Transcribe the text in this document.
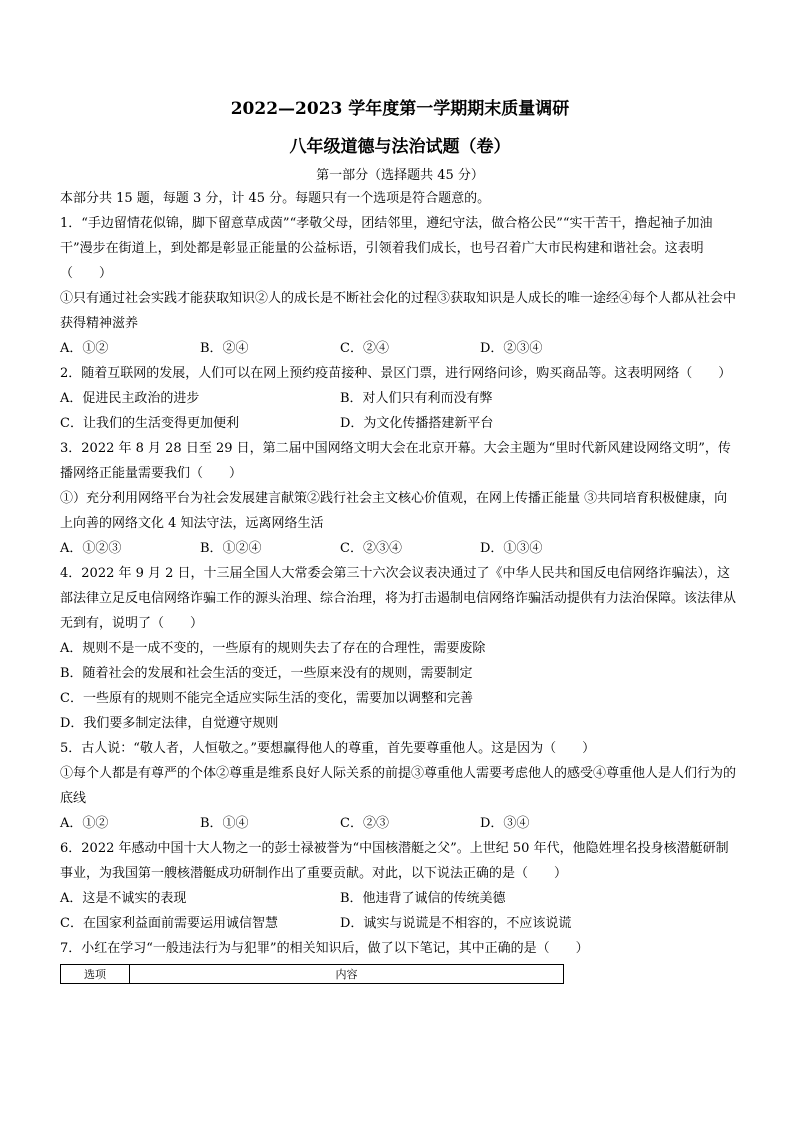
2022—2023 学年度第一学期期末质量调研
八年级道德与法治试题（卷）
第一部分（选择题共 45 分）

本部分共 15 题，每题 3 分，计 45 分。每题只有一个选项是符合题意的。

1．“手边留情花似锦，脚下留意草成茵”“孝敬父母，团结邻里，遵纪守法，做合格公民”“实干苦干，撸起袖子加油干”漫步在街道上，到处都是彰显正能量的公益标语，引领着我们成长，也号召着广大市民构建和谐社会。这表明（　　）

①只有通过社会实践才能获取知识②人的成长是不断社会化的过程③获取知识是人成长的唯一途经④每个人都从社会中获得精神滋养

A．①②	B．②④	C．②④	D．②③④

2．随着互联网的发展，人们可以在网上预约疫苗接种、景区门票，进行网络问诊，购买商品等。这表明网络（　　）

A．促进民主政治的进步	B．对人们只有利而没有弊
C．让我们的生活变得更加便利	D．为文化传播搭建新平台

3．2022 年 8 月 28 日至 29 日，第二届中国网络文明大会在北京开幕。大会主题为“里时代新风建设网络文明”，传播网络正能量需要我们（　　）

①）充分利用网络平台为社会发展建言献策②践行社会主文核心价值观，在网上传播正能量 ③共同培育积极健康，向上向善的网络文化 4 知法守法，远离网络生活

A．①②③	B．①②④	C．②③④	D．①③④

4．2022 年 9 月 2 日，十三届全国人大常委会第三十六次会议表决通过了《中华人民共和国反电信网络诈骗法），这部法律立足反电信网络诈骗工作的源头治理、综合治理，将为打击遏制电信网络诈骗活动提供有力法治保障。该法律从无到有，说明了（　　）

A．规则不是一成不变的，一些原有的规则失去了存在的合理性，需要废除

B．随着社会的发展和社会生活的变迁，一些原来没有的规则，需要制定

C．一些原有的规则不能完全适应实际生活的变化，需要加以调整和完善

D．我们要多制定法律，自觉遵守规则

5．古人说：“敬人者，人恒敬之。”要想赢得他人的尊重，首先要尊重他人。这是因为（　　）

①每个人都是有尊严的个体②尊重是维系良好人际关系的前提③尊重他人需要考虑他人的感受④尊重他人是人们行为的底线

A．①②	B．①④	C．②③	D．③④

6．2022 年感动中国十大人物之一的彭士禄被誉为“中国核潜艇之父”。上世纪 50 年代，他隐姓埋名投身核潜艇研制事业，为我国第一艘核潜艇成功研制作出了重要贡献。对此，以下说法正确的是（　　）

A．这是不诚实的表现	B．他违背了诚信的传统美德
C．在国家利益面前需要运用诚信智慧	D．诚实与说谎是不相容的，不应该说谎

7．小红在学习“一般违法行为与犯罪”的相关知识后，做了以下笔记，其中正确的是（　　）

选项	内容
